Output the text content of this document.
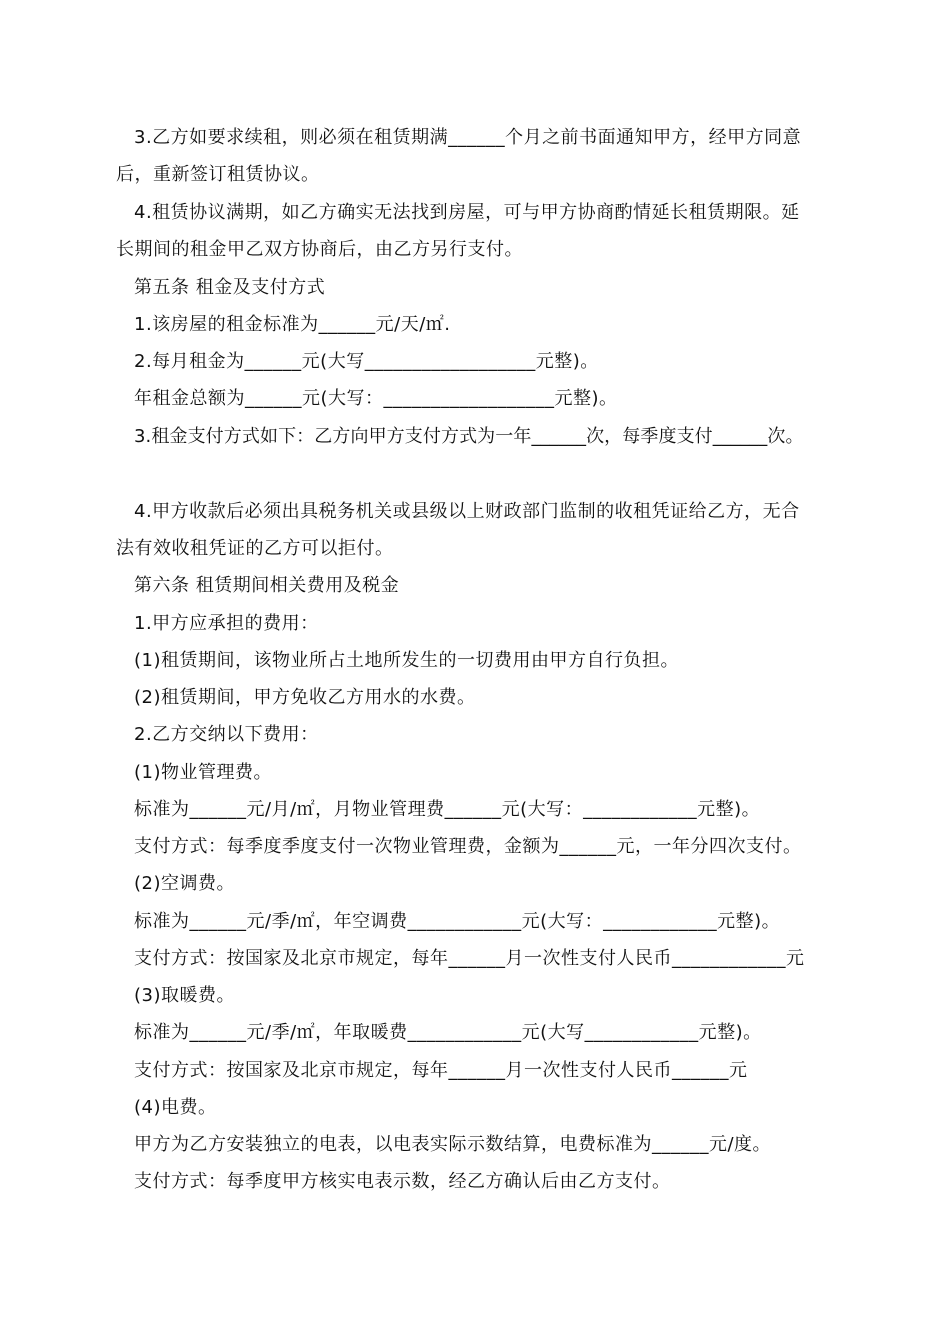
3.乙方如要求续租，则必须在租赁期满______个月之前书面通知甲方，经甲方同意
后，重新签订租赁协议。
4.租赁协议满期，如乙方确实无法找到房屋，可与甲方协商酌情延长租赁期限。延
长期间的租金甲乙双方协商后，由乙方另行支付。
第五条 租金及支付方式
1.该房屋的租金标准为______元/天/㎡.
2.每月租金为______元(大写__________________元整)。
年租金总额为______元(大写：__________________元整)。
3.租金支付方式如下：乙方向甲方支付方式为一年______次，每季度支付______次。
4.甲方收款后必须出具税务机关或县级以上财政部门监制的收租凭证给乙方，无合
法有效收租凭证的乙方可以拒付。
第六条 租赁期间相关费用及税金
1.甲方应承担的费用：
(1)租赁期间，该物业所占土地所发生的一切费用由甲方自行负担。
(2)租赁期间，甲方免收乙方用水的水费。
2.乙方交纳以下费用：
(1)物业管理费。
标准为______元/月/㎡，月物业管理费______元(大写：____________元整)。
支付方式：每季度季度支付一次物业管理费，金额为______元，一年分四次支付。
(2)空调费。
标准为______元/季/㎡，年空调费____________元(大写：____________元整)。
支付方式：按国家及北京市规定，每年______月一次性支付人民币____________元
(3)取暖费。
标准为______元/季/㎡，年取暖费____________元(大写____________元整)。
支付方式：按国家及北京市规定，每年______月一次性支付人民币______元
(4)电费。
甲方为乙方安装独立的电表，以电表实际示数结算，电费标准为______元/度。
支付方式：每季度甲方核实电表示数，经乙方确认后由乙方支付。
